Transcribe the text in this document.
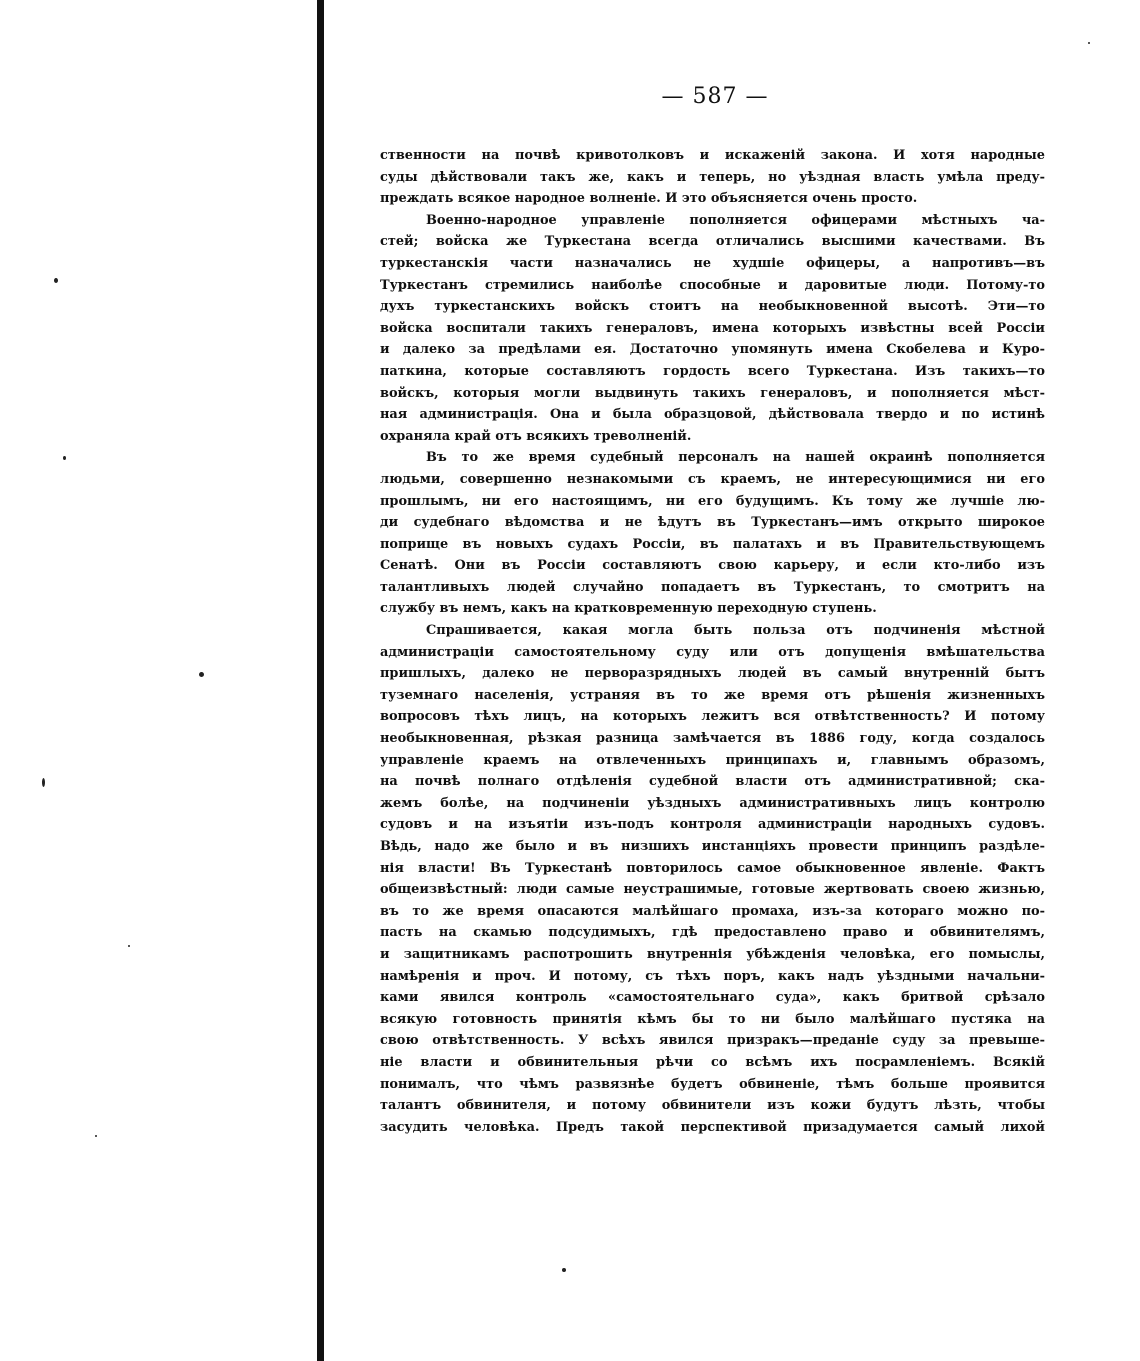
— 587 —
ственности на почвѣ кривотолковъ и искаженій закона. И хотя народные
суды дѣйствовали такъ же, какъ и теперь, но уѣздная власть умѣла преду-
преждать всякое народное волненіе. И это объясняется очень просто.
Военно-народное управленіе пополняется офицерами мѣстныхъ ча-
стей; войска же Туркестана всегда отличались высшими качествами. Въ
туркестанскія части назначались не худшіе офицеры, а напротивъ—въ
Туркестанъ стремились наиболѣе способные и даровитые люди. Потому-то
духъ туркестанскихъ войскъ стоитъ на необыкновенной высотѣ. Эти—то
войска воспитали такихъ генераловъ, имена которыхъ извѣстны всей Россіи
и далеко за предѣлами ея. Достаточно упомянуть имена Скобелева и Куро-
паткина, которые составляютъ гордость всего Туркестана. Изъ такихъ—то
войскъ, которыя могли выдвинуть такихъ генераловъ, и пополняется мѣст-
ная администрація. Она и была образцовой, дѣйствовала твердо и по истинѣ
охраняла край отъ всякихъ треволненій.
Въ то же время судебный персоналъ на нашей окраинѣ пополняется
людьми, совершенно незнакомыми съ краемъ, не интересующимися ни его
прошлымъ, ни его настоящимъ, ни его будущимъ. Къ тому же лучшіе лю-
ди судебнаго вѣдомства и не ѣдутъ въ Туркестанъ—имъ открыто широкое
поприще въ новыхъ судахъ Россіи, въ палатахъ и въ Правительствующемъ
Сенатѣ. Они въ Россіи составляютъ свою карьеру, и если кто-либо изъ
талантливыхъ людей случайно попадаетъ въ Туркестанъ, то смотритъ на
службу въ немъ, какъ на кратковременную переходную ступень.
Спрашивается, какая могла быть польза отъ подчиненія мѣстной
администраціи самостоятельному суду или отъ допущенія вмѣшательства
пришлыхъ, далеко не перворазрядныхъ людей въ самый внутренній бытъ
туземнаго населенія, устраняя въ то же время отъ рѣшенія жизненныхъ
вопросовъ тѣхъ лицъ, на которыхъ лежитъ вся отвѣтственность? И потому
необыкновенная, рѣзкая разница замѣчается въ 1886 году, когда создалось
управленіе краемъ на отвлеченныхъ принципахъ и, главнымъ образомъ,
на почвѣ полнаго отдѣленія судебной власти отъ административной; ска-
жемъ болѣе, на подчиненіи уѣздныхъ административныхъ лицъ контролю
судовъ и на изъятіи изъ-подъ контроля администраціи народныхъ судовъ.
Вѣдь, надо же было и въ низшихъ инстанціяхъ провести принципъ раздѣле-
нія власти! Въ Туркестанѣ повторилось самое обыкновенное явленіе. Фактъ
общеизвѣстный: люди самые неустрашимые, готовые жертвовать своею жизнью,
въ то же время опасаются малѣйшаго промаха, изъ-за котораго можно по-
пасть на скамью подсудимыхъ, гдѣ предоставлено право и обвинителямъ,
и защитникамъ распотрошить внутреннія убѣжденія человѣка, его помыслы,
намѣренія и проч. И потому, съ тѣхъ поръ, какъ надъ уѣздными начальни-
ками явился контроль «самостоятельнаго суда», какъ бритвой срѣзало
всякую готовность принятія кѣмъ бы то ни было малѣйшаго пустяка на
свою отвѣтственность. У всѣхъ явился призракъ—преданіе суду за превыше-
ніе власти и обвинительныя рѣчи со всѣмъ ихъ посрамленіемъ. Всякій
понималъ, что чѣмъ развязнѣе будетъ обвиненіе, тѣмъ больше проявится
талантъ обвинителя, и потому обвинители изъ кожи будутъ лѣзть, чтобы
засудить человѣка. Предъ такой перспективой призадумается самый лихой
